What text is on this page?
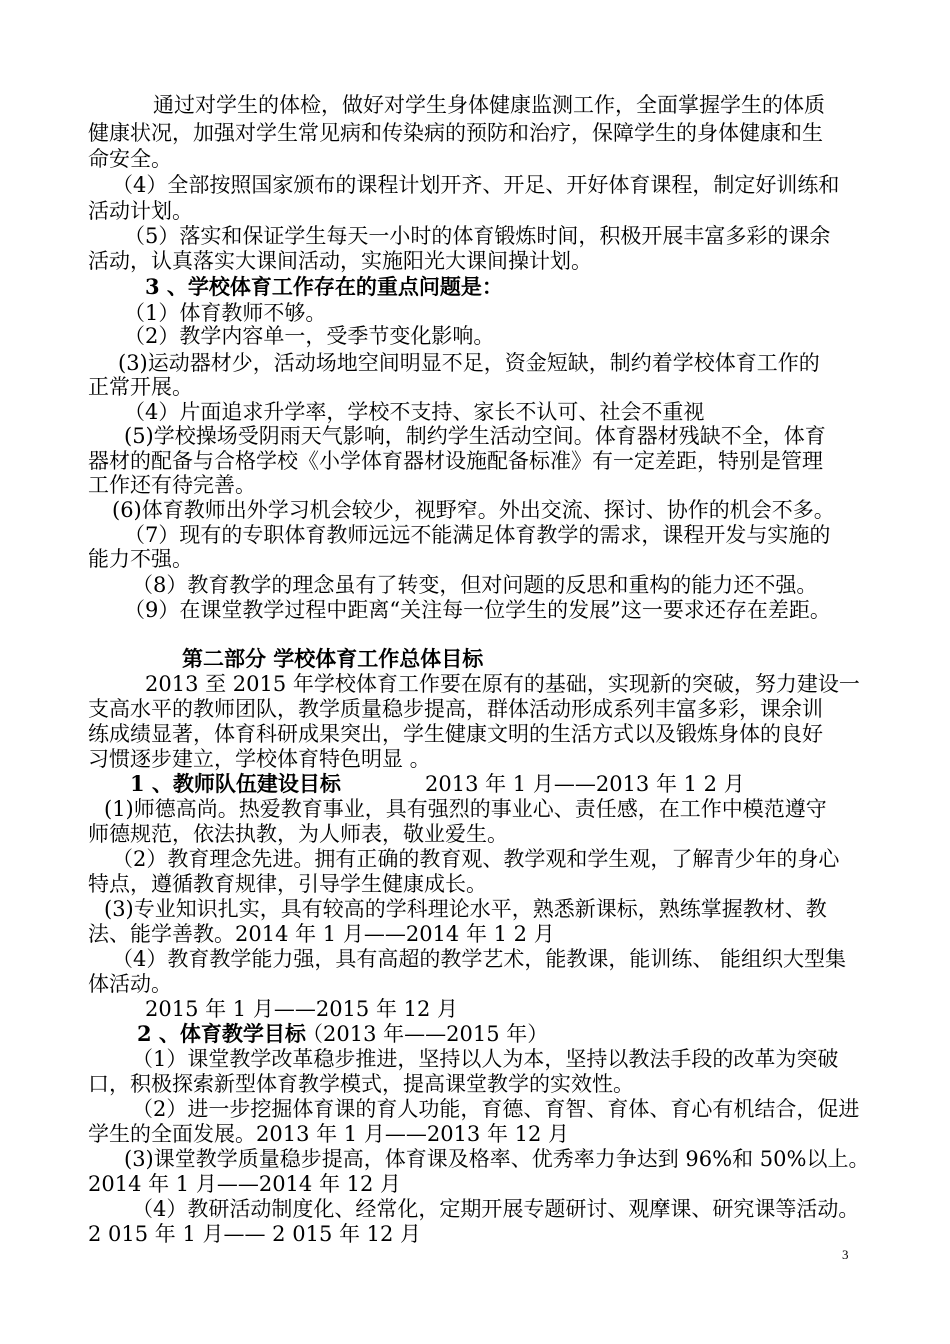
通过对学生的体检，做好对学生身体健康监测工作，全面掌握学生的体质
健康状况，加强对学生常见病和传染病的预防和治疗，保障学生的身体健康和生
命安全。
（4）全部按照国家颁布的课程计划开齐、开足、开好体育课程，制定好训练和
活动计划。
（5）落实和保证学生每天一小时的体育锻炼时间，积极开展丰富多彩的课余
活动，认真落实大课间活动，实施阳光大课间操计划。
3 、学校体育工作存在的重点问题是：
（1）体育教师不够。
（2）教学内容单一，受季节变化影响。
(3)运动器材少，活动场地空间明显不足，资金短缺，制约着学校体育工作的
正常开展。
（4）片面追求升学率，学校不支持、家长不认可、社会不重视
(5)学校操场受阴雨天气影响，制约学生活动空间。体育器材残缺不全，体育
器材的配备与合格学校《小学体育器材设施配备标准》有一定差距，特别是管理
工作还有待完善。
(6)体育教师出外学习机会较少，视野窄。外出交流、探讨、协作的机会不多。
（7）现有的专职体育教师远远不能满足体育教学的需求，课程开发与实施的
能力不强。
（8）教育教学的理念虽有了转变，但对问题的反思和重构的能力还不强。
（9）在课堂教学过程中距离“关注每一位学生的发展”这一要求还存在差距。
第二部分 学校体育工作总体目标
2013 至 2015 年学校体育工作要在原有的基础，实现新的突破，努力建设一
支高水平的教师团队，教学质量稳步提高，群体活动形成系列丰富多彩，课余训
练成绩显著，体育科研成果突出，学生健康文明的生活方式以及锻炼身体的良好
习惯逐步建立，学校体育特色明显 。
1 、教师队伍建设目标	2013 年 1 月——2013 年 1 2 月
(1)师德高尚。热爱教育事业，具有强烈的事业心、责任感，在工作中模范遵守
师德规范，依法执教，为人师表，敬业爱生。
（2）教育理念先进。拥有正确的教育观、教学观和学生观，了解青少年的身心
特点，遵循教育规律，引导学生健康成长。
(3)专业知识扎实，具有较高的学科理论水平，熟悉新课标，熟练掌握教材、教
法、能学善教。2014 年 1 月——2014 年 1 2 月
（4）教育教学能力强，具有高超的教学艺术，能教课，能训练、 能组织大型集
体活动。
2015 年 1 月——2015 年 12 月
2 、体育教学目标
（2013 年——2015 年）
（1）课堂教学改革稳步推进，坚持以人为本，坚持以教法手段的改革为突破
口，积极探索新型体育教学模式，提高课堂教学的实效性。
（2）进一步挖掘体育课的育人功能，育德、育智、育体、育心有机结合，促进
学生的全面发展。2013 年 1 月——2013 年 12 月
(3)课堂教学质量稳步提高，体育课及格率、优秀率力争达到 96%和 50%以上。
2014 年 1 月——2014 年 12 月
（4）教研活动制度化、经常化，定期开展专题研讨、观摩课、研究课等活动。
2 015 年 1 月—— 2 015 年 12 月
3
